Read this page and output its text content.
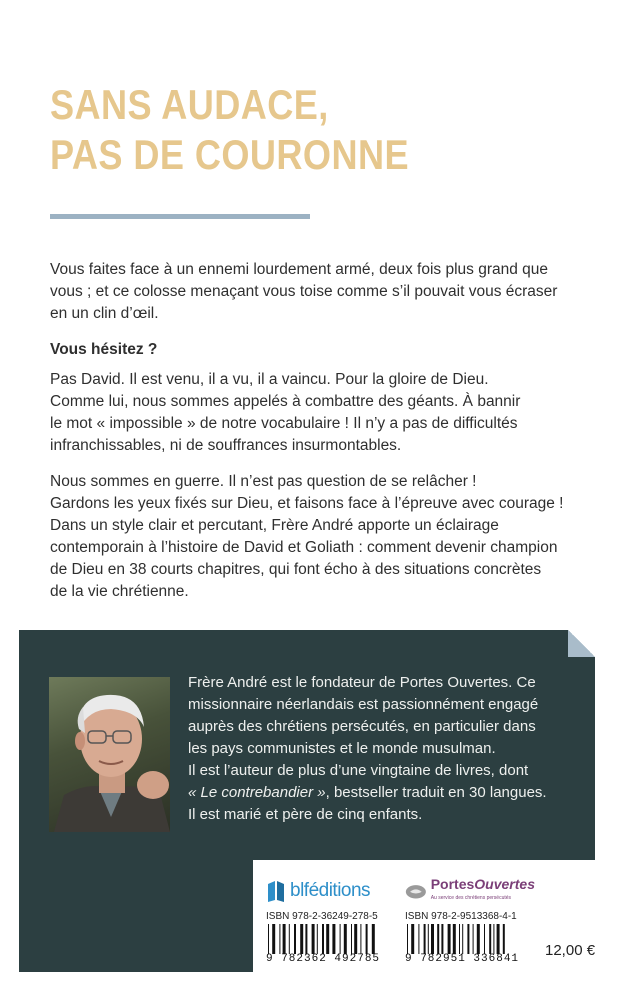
SANS AUDACE,
PAS DE COURONNE

Vous faites face à un ennemi lourdement armé, deux fois plus grand que
vous ; et ce colosse menaçant vous toise comme s’il pouvait vous écraser
en un clin d’œil.

Vous hésitez ?

Pas David. Il est venu, il a vu, il a vaincu. Pour la gloire de Dieu.
Comme lui, nous sommes appelés à combattre des géants. À bannir
le mot « impossible » de notre vocabulaire ! Il n’y a pas de difficultés
infranchissables, ni de souffrances insurmontables.

Nous sommes en guerre. Il n’est pas question de se relâcher !
Gardons les yeux fixés sur Dieu, et faisons face à l’épreuve avec courage !
Dans un style clair et percutant, Frère André apporte un éclairage
contemporain à l’histoire de David et Goliath : comment devenir champion
de Dieu en 38 courts chapitres, qui font écho à des situations concrètes
de la vie chrétienne.

Frère André est le fondateur de Portes Ouvertes. Ce
missionnaire néerlandais est passionnément engagé
auprès des chrétiens persécutés, en particulier dans
les pays communistes et le monde musulman.
Il est l’auteur de plus d’une vingtaine de livres, dont
« Le contrebandier », bestseller traduit en 30 langues.
Il est marié et père de cinq enfants.
blféditions
ISBN 978-2-36249-278-5
9 782362 492785
PortesOuvertes
Au service des chrétiens persécutés
ISBN 978-2-9513368-4-1
9 782951 336841	12,00 €
